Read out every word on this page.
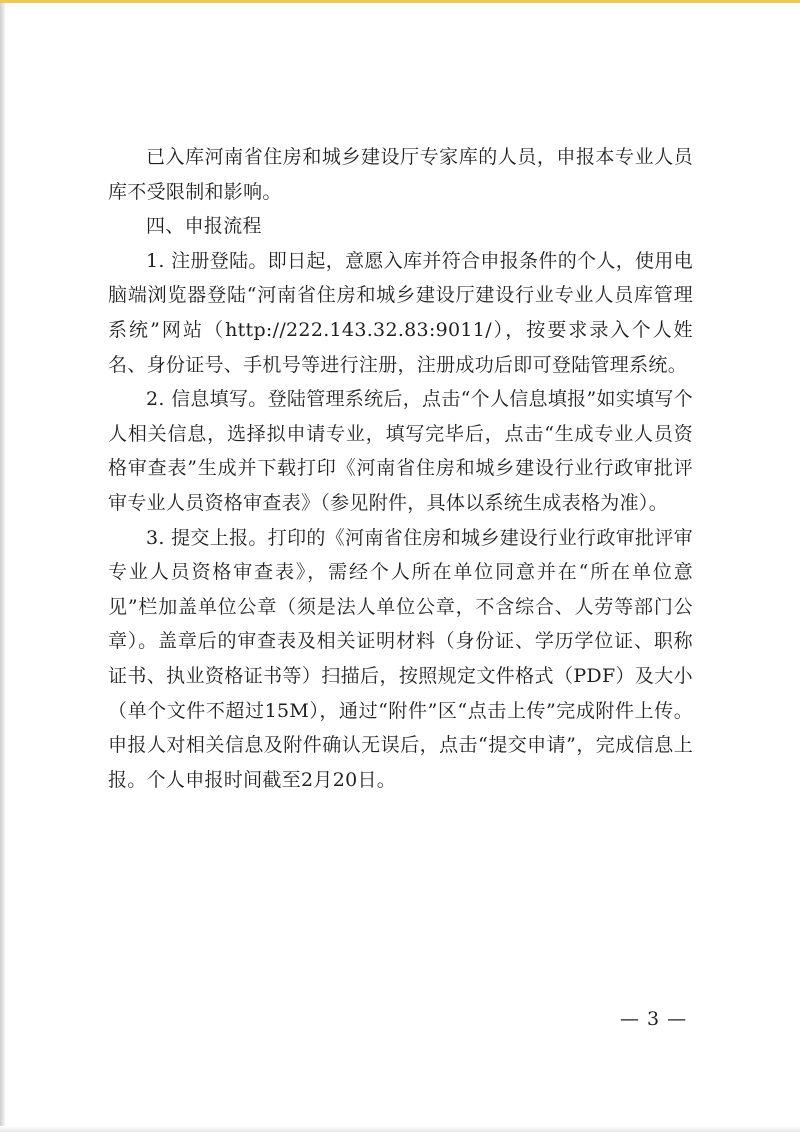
已入库河南省住房和城乡建设厅专家库的人员，申报本专业人员库不受限制和影响。

四、申报流程

1. 注册登陆。即日起，意愿入库并符合申报条件的个人，使用电脑端浏览器登陆“河南省住房和城乡建设厅建设行业专业人员库管理系统”网站（http://222.143.32.83:9011/），按要求录入个人姓名、身份证号、手机号等进行注册，注册成功后即可登陆管理系统。

2. 信息填写。登陆管理系统后，点击“个人信息填报”如实填写个人相关信息，选择拟申请专业，填写完毕后，点击“生成专业人员资格审查表”生成并下载打印《河南省住房和城乡建设行业行政审批评审专业人员资格审查表》（参见附件，具体以系统生成表格为准）。

3. 提交上报。打印的《河南省住房和城乡建设行业行政审批评审专业人员资格审查表》，需经个人所在单位同意并在“所在单位意见”栏加盖单位公章（须是法人单位公章，不含综合、人劳等部门公章）。盖章后的审查表及相关证明材料（身份证、学历学位证、职称证书、执业资格证书等）扫描后，按照规定文件格式（PDF）及大小（单个文件不超过15M），通过“附件”区“点击上传”完成附件上传。申报人对相关信息及附件确认无误后，点击“提交申请”，完成信息上报。个人申报时间截至2月20日。

— 3 —
